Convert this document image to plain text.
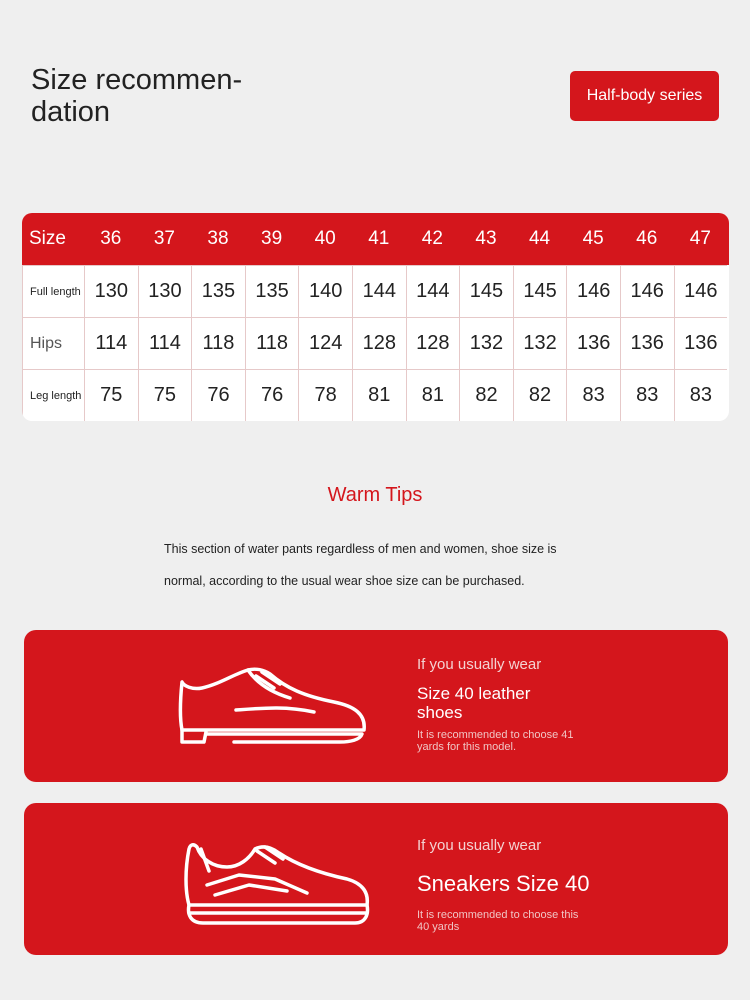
Size recommen-
dation
Half-body series
Size	36	37	38	39	40	41	42	43	44	45	46	47
Full length 130	130	135	135	140	144	144	145	145	146	146	146
Hips	114	114	118	118	124	128	128	132	132	136	136	136
Leg length 75	75	76	76	78	81	81	82	82	83	83	83
Warm Tips
This section of water pants regardless of men and women, shoe size is
normal, according to the usual wear shoe size can be purchased.
If you usually wear
Size 40 leather shoes
It is recommended to choose 41 yards for this model.
If you usually wear
Sneakers Size 40
It is recommended to choose this 40 yards
